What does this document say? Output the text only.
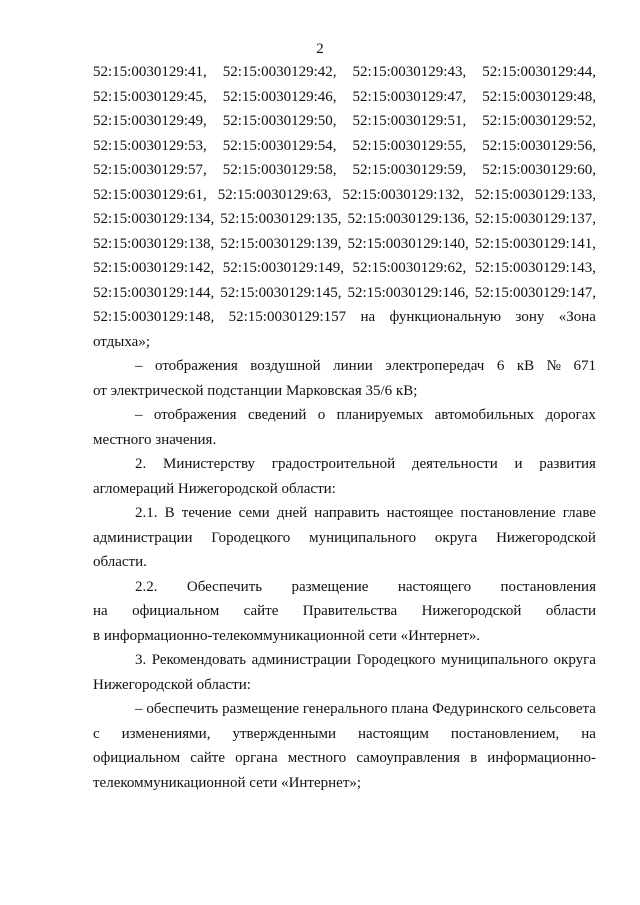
2
52:15:0030129:41, 52:15:0030129:42, 52:15:0030129:43, 52:15:0030129:44,
52:15:0030129:45, 52:15:0030129:46, 52:15:0030129:47, 52:15:0030129:48,
52:15:0030129:49, 52:15:0030129:50, 52:15:0030129:51, 52:15:0030129:52,
52:15:0030129:53, 52:15:0030129:54, 52:15:0030129:55, 52:15:0030129:56,
52:15:0030129:57, 52:15:0030129:58, 52:15:0030129:59, 52:15:0030129:60,
52:15:0030129:61, 52:15:0030129:63, 52:15:0030129:132, 52:15:0030129:133,
52:15:0030129:134, 52:15:0030129:135, 52:15:0030129:136, 52:15:0030129:137,
52:15:0030129:138, 52:15:0030129:139, 52:15:0030129:140, 52:15:0030129:141,
52:15:0030129:142, 52:15:0030129:149, 52:15:0030129:62, 52:15:0030129:143,
52:15:0030129:144, 52:15:0030129:145, 52:15:0030129:146, 52:15:0030129:147,
52:15:0030129:148, 52:15:0030129:157 на функциональную зону «Зона
отдыха»;
– отображения воздушной линии электропередач 6 кВ № 671
от электрической подстанции Марковская 35/6 кВ;
– отображения сведений о планируемых автомобильных дорогах
местного значения.
2. Министерству градостроительной деятельности и развития
агломераций Нижегородской области:
2.1. В течение семи дней направить настоящее постановление главе
администрации Городецкого муниципального округа Нижегородской
области.
2.2. Обеспечить размещение настоящего постановления
на официальном сайте Правительства Нижегородской области
в информационно-телекоммуникационной сети «Интернет».
3. Рекомендовать администрации Городецкого муниципального округа
Нижегородской области:
– обеспечить размещение генерального плана Федуринского сельсовета
с изменениями, утвержденными настоящим постановлением, на
официальном сайте органа местного самоуправления в информационно-
телекоммуникационной сети «Интернет»;
